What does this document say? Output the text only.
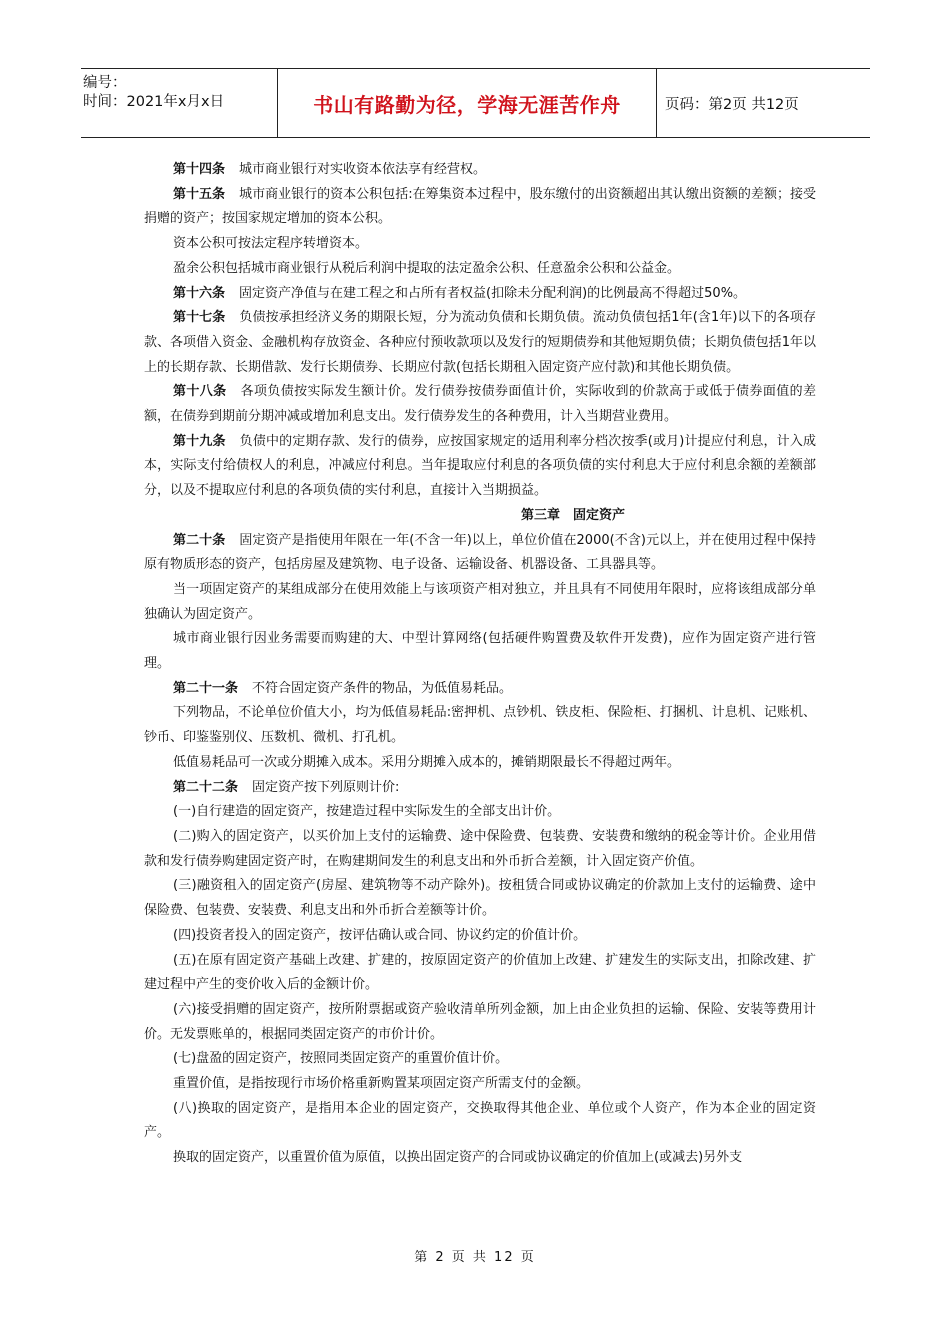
编号：
时间：2021年x月x日	书山有路勤为径，学海无涯苦作舟	页码：第2页 共12页

第十四条 城市商业银行对实收资本依法享有经营权。

第十五条 城市商业银行的资本公积包括:在筹集资本过程中，股东缴付的出资额超出其认缴出资额的差额；接受捐赠的资产；按国家规定增加的资本公积。

资本公积可按法定程序转增资本。

盈余公积包括城市商业银行从税后利润中提取的法定盈余公积、任意盈余公积和公益金。

第十六条 固定资产净值与在建工程之和占所有者权益(扣除未分配利润)的比例最高不得超过50%。

第十七条 负债按承担经济义务的期限长短，分为流动负债和长期负债。流动负债包括1年(含1年)以下的各项存款、各项借入资金、金融机构存放资金、各种应付预收款项以及发行的短期债券和其他短期负债；长期负债包括1年以上的长期存款、长期借款、发行长期债券、长期应付款(包括长期租入固定资产应付款)和其他长期负债。

第十八条 各项负债按实际发生额计价。发行债券按债券面值计价，实际收到的价款高于或低于债券面值的差额，在债券到期前分期冲减或增加利息支出。发行债券发生的各种费用，计入当期营业费用。

第十九条 负债中的定期存款、发行的债券，应按国家规定的适用利率分档次按季(或月)计提应付利息，计入成本，实际支付给债权人的利息，冲减应付利息。当年提取应付利息的各项负债的实付利息大于应付利息余额的差额部分，以及不提取应付利息的各项负债的实付利息，直接计入当期损益。

第三章　固定资产

第二十条 固定资产是指使用年限在一年(不含一年)以上，单位价值在2000(不含)元以上，并在使用过程中保持原有物质形态的资产，包括房屋及建筑物、电子设备、运输设备、机器设备、工具器具等。

当一项固定资产的某组成部分在使用效能上与该项资产相对独立，并且具有不同使用年限时，应将该组成部分单独确认为固定资产。

城市商业银行因业务需要而购建的大、中型计算网络(包括硬件购置费及软件开发费)，应作为固定资产进行管理。

第二十一条 不符合固定资产条件的物品，为低值易耗品。

下列物品，不论单位价值大小，均为低值易耗品:密押机、点钞机、铁皮柜、保险柜、打捆机、计息机、记账机、钞币、印鉴鉴别仪、压数机、微机、打孔机。

低值易耗品可一次或分期摊入成本。采用分期摊入成本的，摊销期限最长不得超过两年。

第二十二条 固定资产按下列原则计价:

(一)自行建造的固定资产，按建造过程中实际发生的全部支出计价。

(二)购入的固定资产，以买价加上支付的运输费、途中保险费、包装费、安装费和缴纳的税金等计价。企业用借款和发行债券购建固定资产时，在购建期间发生的利息支出和外币折合差额，计入固定资产价值。

(三)融资租入的固定资产(房屋、建筑物等不动产除外)。按租赁合同或协议确定的价款加上支付的运输费、途中保险费、包装费、安装费、利息支出和外币折合差额等计价。

(四)投资者投入的固定资产，按评估确认或合同、协议约定的价值计价。

(五)在原有固定资产基础上改建、扩建的，按原固定资产的价值加上改建、扩建发生的实际支出，扣除改建、扩建过程中产生的变价收入后的金额计价。

(六)接受捐赠的固定资产，按所附票据或资产验收清单所列金额，加上由企业负担的运输、保险、安装等费用计价。无发票账单的，根据同类固定资产的市价计价。

(七)盘盈的固定资产，按照同类固定资产的重置价值计价。

重置价值，是指按现行市场价格重新购置某项固定资产所需支付的金额。

(八)换取的固定资产，是指用本企业的固定资产，交换取得其他企业、单位或个人资产，作为本企业的固定资产。

换取的固定资产，以重置价值为原值，以换出固定资产的合同或协议确定的价值加上(或减去)另外支

第 2 页 共 12 页
